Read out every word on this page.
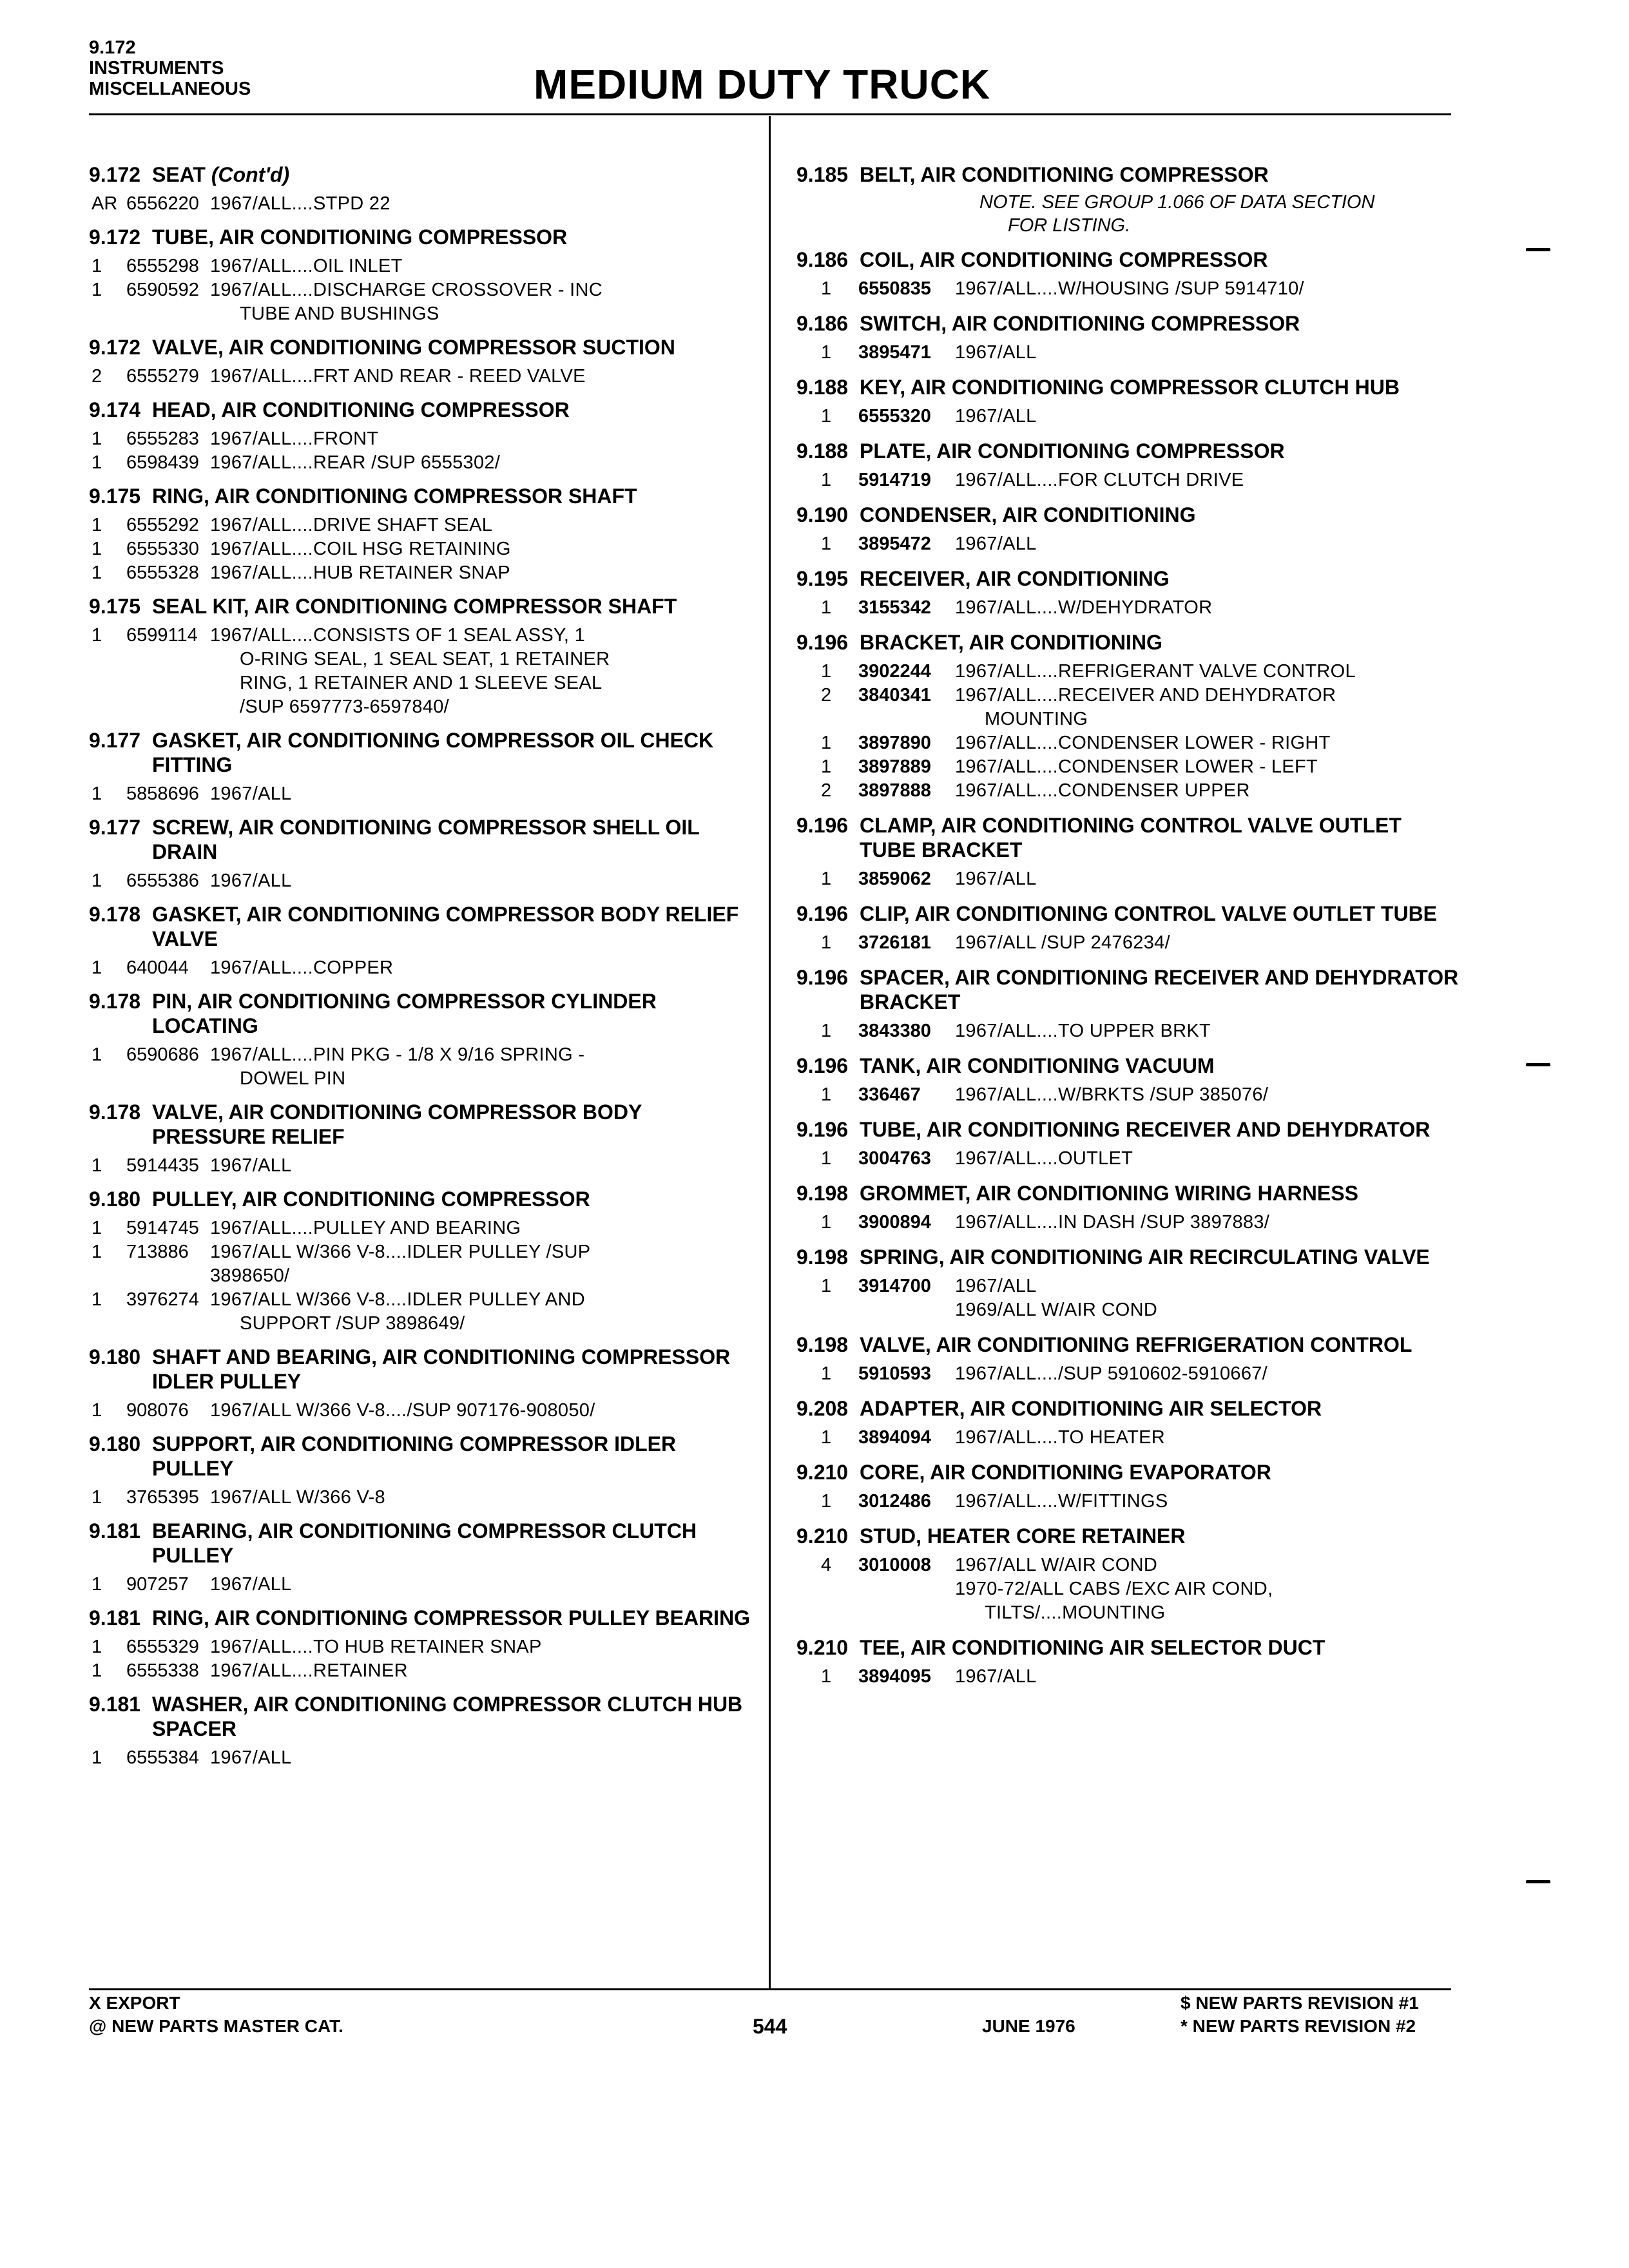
9.172
INSTRUMENTS
MISCELLANEOUS	MEDIUM DUTY TRUCK
9.172 SEAT (Cont'd)
AR 6556220 1967/ALL....STPD 22
9.172 TUBE, AIR CONDITIONING COMPRESSOR
1	6555298 1967/ALL....OIL INLET
1	6590592 1967/ALL....DISCHARGE CROSSOVER - INC
TUBE AND BUSHINGS
9.172 VALVE, AIR CONDITIONING COMPRESSOR SUCTION
2	6555279 1967/ALL....FRT AND REAR - REED VALVE
9.174 HEAD, AIR CONDITIONING COMPRESSOR
1	6555283 1967/ALL....FRONT
1	6598439 1967/ALL....REAR /SUP 6555302/
9.175 RING, AIR CONDITIONING COMPRESSOR SHAFT
1	6555292 1967/ALL....DRIVE SHAFT SEAL
1	6555330 1967/ALL....COIL HSG RETAINING
1	6555328 1967/ALL....HUB RETAINER SNAP
9.175 SEAL KIT, AIR CONDITIONING COMPRESSOR SHAFT
1	6599114 1967/ALL....CONSISTS OF 1 SEAL ASSY, 1
O-RING SEAL, 1 SEAL SEAT, 1 RETAINER
RING, 1 RETAINER AND 1 SLEEVE SEAL
/SUP 6597773-6597840/
9.177 GASKET, AIR CONDITIONING COMPRESSOR OIL CHECK FITTING
1	5858696 1967/ALL
9.177 SCREW, AIR CONDITIONING COMPRESSOR SHELL OIL DRAIN
1	6555386 1967/ALL
9.178 GASKET, AIR CONDITIONING COMPRESSOR BODY RELIEF VALVE
1	640044	1967/ALL....COPPER
9.178 PIN, AIR CONDITIONING COMPRESSOR CYLINDER LOCATING
1	6590686 1967/ALL....PIN PKG - 1/8 X 9/16 SPRING -
DOWEL PIN
9.178 VALVE, AIR CONDITIONING COMPRESSOR BODY PRESSURE RELIEF
1	5914435 1967/ALL
9.180 PULLEY, AIR CONDITIONING COMPRESSOR
1	5914745 1967/ALL....PULLEY AND BEARING
1	713886	1967/ALL W/366 V-8....IDLER PULLEY /SUP
3898650/
1	3976274 1967/ALL W/366 V-8....IDLER PULLEY AND
SUPPORT /SUP 3898649/
9.180 SHAFT AND BEARING, AIR CONDITIONING COMPRESSOR IDLER PULLEY
1	908076	1967/ALL W/366 V-8..../SUP 907176-908050/
9.180 SUPPORT, AIR CONDITIONING COMPRESSOR IDLER PULLEY
1	3765395 1967/ALL W/366 V-8
9.181 BEARING, AIR CONDITIONING COMPRESSOR CLUTCH PULLEY
1	907257	1967/ALL
9.181 RING, AIR CONDITIONING COMPRESSOR PULLEY BEARING
1	6555329 1967/ALL....TO HUB RETAINER SNAP
1	6555338 1967/ALL....RETAINER
9.181 WASHER, AIR CONDITIONING COMPRESSOR CLUTCH HUB SPACER
1	6555384 1967/ALL
9.185 BELT, AIR CONDITIONING COMPRESSOR
NOTE. SEE GROUP 1.066 OF DATA SECTION
FOR LISTING.
9.186 COIL, AIR CONDITIONING COMPRESSOR
1	6550835	1967/ALL....W/HOUSING /SUP 5914710/
9.186 SWITCH, AIR CONDITIONING COMPRESSOR
1	3895471	1967/ALL
9.188 KEY, AIR CONDITIONING COMPRESSOR CLUTCH HUB
1	6555320	1967/ALL
9.188 PLATE, AIR CONDITIONING COMPRESSOR
1	5914719	1967/ALL....FOR CLUTCH DRIVE
9.190 CONDENSER, AIR CONDITIONING
1	3895472	1967/ALL
9.195 RECEIVER, AIR CONDITIONING
1	3155342	1967/ALL....W/DEHYDRATOR
9.196 BRACKET, AIR CONDITIONING
1	3902244	1967/ALL....REFRIGERANT VALVE CONTROL
2	3840341	1967/ALL....RECEIVER AND DEHYDRATOR
MOUNTING
1	3897890	1967/ALL....CONDENSER LOWER - RIGHT
1	3897889	1967/ALL....CONDENSER LOWER - LEFT
2	3897888	1967/ALL....CONDENSER UPPER
9.196 CLAMP, AIR CONDITIONING CONTROL VALVE OUTLET TUBE BRACKET
1	3859062	1967/ALL
9.196 CLIP, AIR CONDITIONING CONTROL VALVE OUTLET TUBE
1	3726181	1967/ALL /SUP 2476234/
9.196 SPACER, AIR CONDITIONING RECEIVER AND DEHYDRATOR BRACKET
1	3843380	1967/ALL....TO UPPER BRKT
9.196 TANK, AIR CONDITIONING VACUUM
1	336467	1967/ALL....W/BRKTS /SUP 385076/
9.196 TUBE, AIR CONDITIONING RECEIVER AND DEHYDRATOR
1	3004763	1967/ALL....OUTLET
9.198 GROMMET, AIR CONDITIONING WIRING HARNESS
1	3900894	1967/ALL....IN DASH /SUP 3897883/
9.198 SPRING, AIR CONDITIONING AIR RECIRCULATING VALVE
1	3914700	1967/ALL
1969/ALL W/AIR COND
9.198 VALVE, AIR CONDITIONING REFRIGERATION CONTROL
1	5910593	1967/ALL..../SUP 5910602-5910667/
9.208 ADAPTER, AIR CONDITIONING AIR SELECTOR
1	3894094	1967/ALL....TO HEATER
9.210 CORE, AIR CONDITIONING EVAPORATOR
1	3012486	1967/ALL....W/FITTINGS
9.210 STUD, HEATER CORE RETAINER
4	3010008	1967/ALL W/AIR COND
1970-72/ALL CABS /EXC AIR COND,
TILTS/....MOUNTING
9.210 TEE, AIR CONDITIONING AIR SELECTOR DUCT
1	3894095	1967/ALL
X EXPORT
@ NEW PARTS MASTER CAT.	544	JUNE 1976
$ NEW PARTS REVISION #1
* NEW PARTS REVISION #2
